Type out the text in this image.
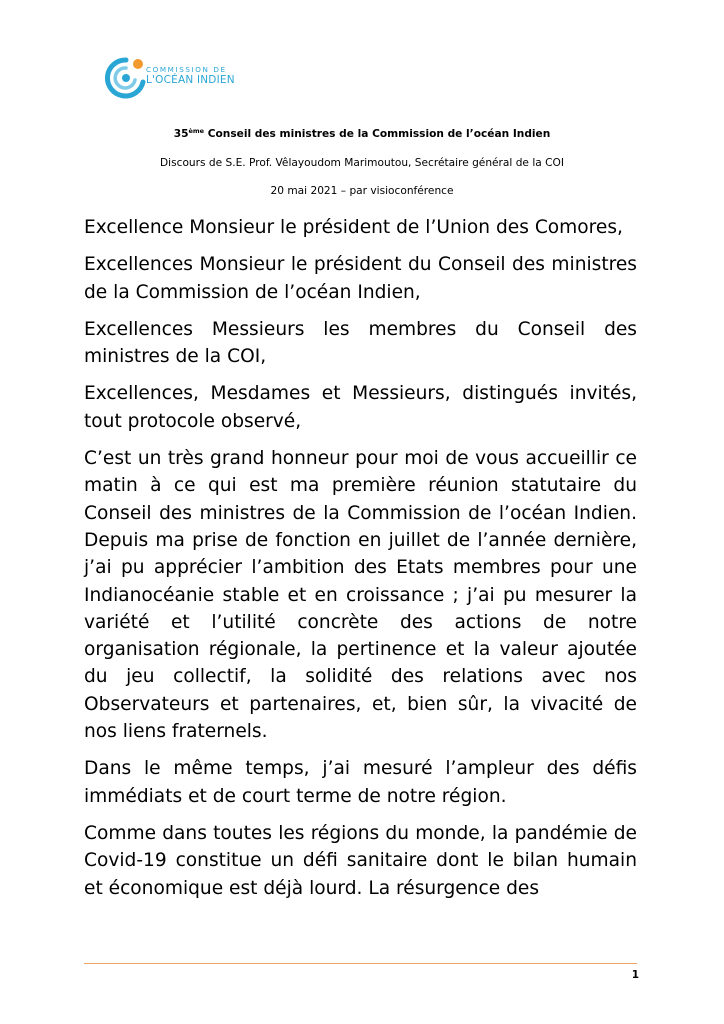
COMMISSION DE
L'OCÉAN INDIEN
35ème Conseil des ministres de la Commission de l’océan Indien
Discours de S.E. Prof. Vêlayoudom Marimoutou, Secrétaire général de la COI
20 mai 2021 – par visioconférence

Excellence Monsieur le président de l’Union des Comores,

Excellences Monsieur le président du Conseil des ministres de la Commission de l’océan Indien,

Excellences Messieurs les membres du Conseil des ministres de la COI,

Excellences, Mesdames et Messieurs, distingués invités, tout protocole observé,

C’est un très grand honneur pour moi de vous accueillir ce matin à ce qui est ma première réunion statutaire du Conseil des ministres de la Commission de l’océan Indien. Depuis ma prise de fonction en juillet de l’année dernière, j’ai pu apprécier l’ambition des Etats membres pour une Indianocéanie stable et en croissance ; j’ai pu mesurer la variété et l’utilité concrète des actions de notre organisation régionale, la pertinence et la valeur ajoutée du jeu collectif, la solidité des relations avec nos Observateurs et partenaires, et, bien sûr, la vivacité de nos liens fraternels.

Dans le même temps, j’ai mesuré l’ampleur des défis immédiats et de court terme de notre région.

Comme dans toutes les régions du monde, la pandémie de Covid-19 constitue un défi sanitaire dont le bilan humain et économique est déjà lourd. La résurgence des

1
